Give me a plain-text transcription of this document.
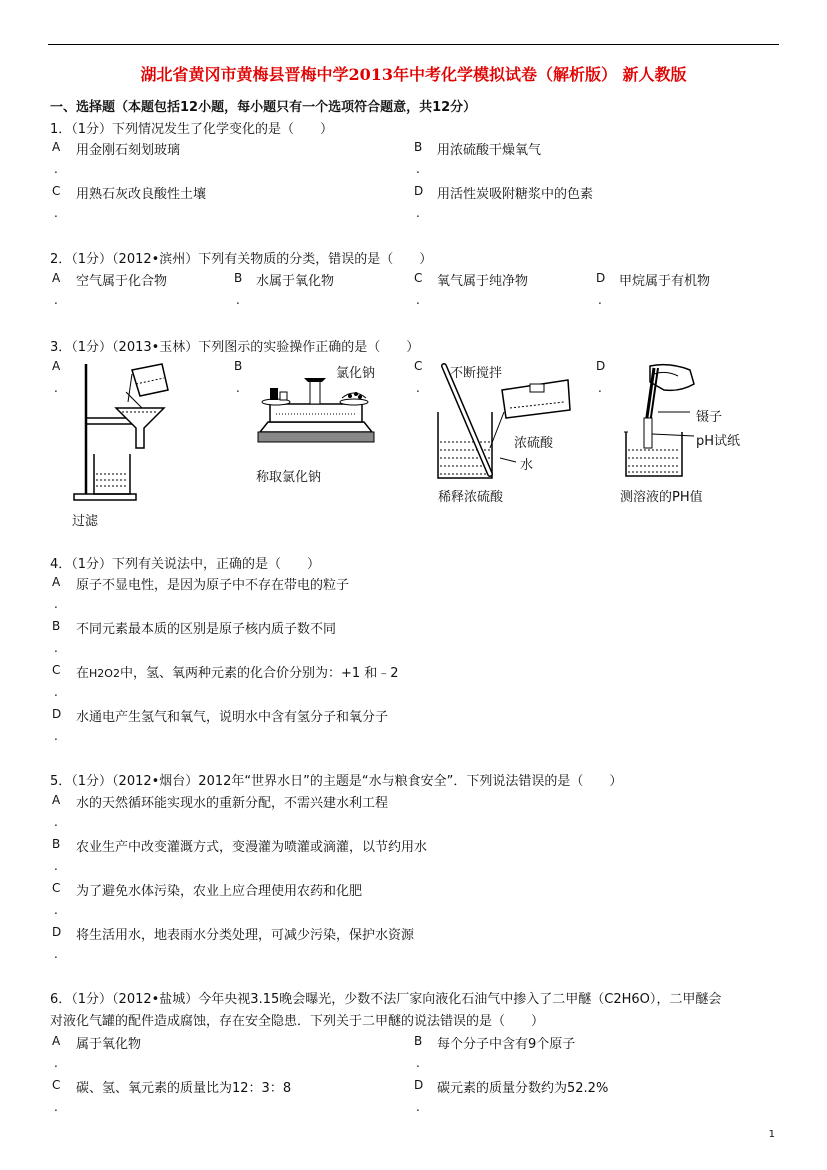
湖北省黄冈市黄梅县晋梅中学2013年中考化学模拟试卷（解析版） 新人教版
一、选择题（本题包括12小题，每小题只有一个选项符合题意，共12分）
1．（1分）下列情况发生了化学变化的是（　　）
A
.
用金刚石刻划玻璃	B
.
用浓硫酸干燥氧气
C
.
用熟石灰改良酸性土壤	D
.
用活性炭吸附糖浆中的色素
2．（1分）（2012•滨州）下列有关物质的分类，错误的是（　　）
A
.
空气属于化合物	B
.
水属于氧化物	C
.
氧气属于纯净物	D
.
甲烷属于有机物
3．（1分）（2013•玉林）下列图示的实验操作正确的是（　　）
A
.
B
.
C
.
D
.
过滤
氯化钠
称取氯化钠
不断搅拌
浓硫酸
水
稀释浓硫酸
镊子
pH试纸
测溶液的PH值
4．（1分）下列有关说法中，正确的是（　　）
A
.
原子不显电性，是因为原子中不存在带电的粒子
B
.
不同元素最本质的区别是原子核内质子数不同
C
.
在H2O2中，氢、氧两种元素的化合价分别为：+1 和﹣2
D
.
水通电产生氢气和氧气，说明水中含有氢分子和氧分子
5．（1分）（2012•烟台）2012年“世界水日”的主题是“水与粮食安全”．下列说法错误的是（　　）
A
.
水的天然循环能实现水的重新分配，不需兴建水利工程
B
.
农业生产中改变灌溉方式，变漫灌为喷灌或滴灌，以节约用水
C
.
为了避免水体污染，农业上应合理使用农药和化肥
D
.
将生活用水，地表雨水分类处理，可减少污染，保护水资源
6．（1分）（2012•盐城）今年央视3.15晚会曝光，少数不法厂家向液化石油气中掺入了二甲醚（C2H6O），二甲醚会
对液化气罐的配件造成腐蚀，存在安全隐患．下列关于二甲醚的说法错误的是（　　）
A
.
属于氧化物	B
.
每个分子中含有9个原子
C
.
碳、氢、氧元素的质量比为12：3：8	D
.
碳元素的质量分数约为52.2%
1
